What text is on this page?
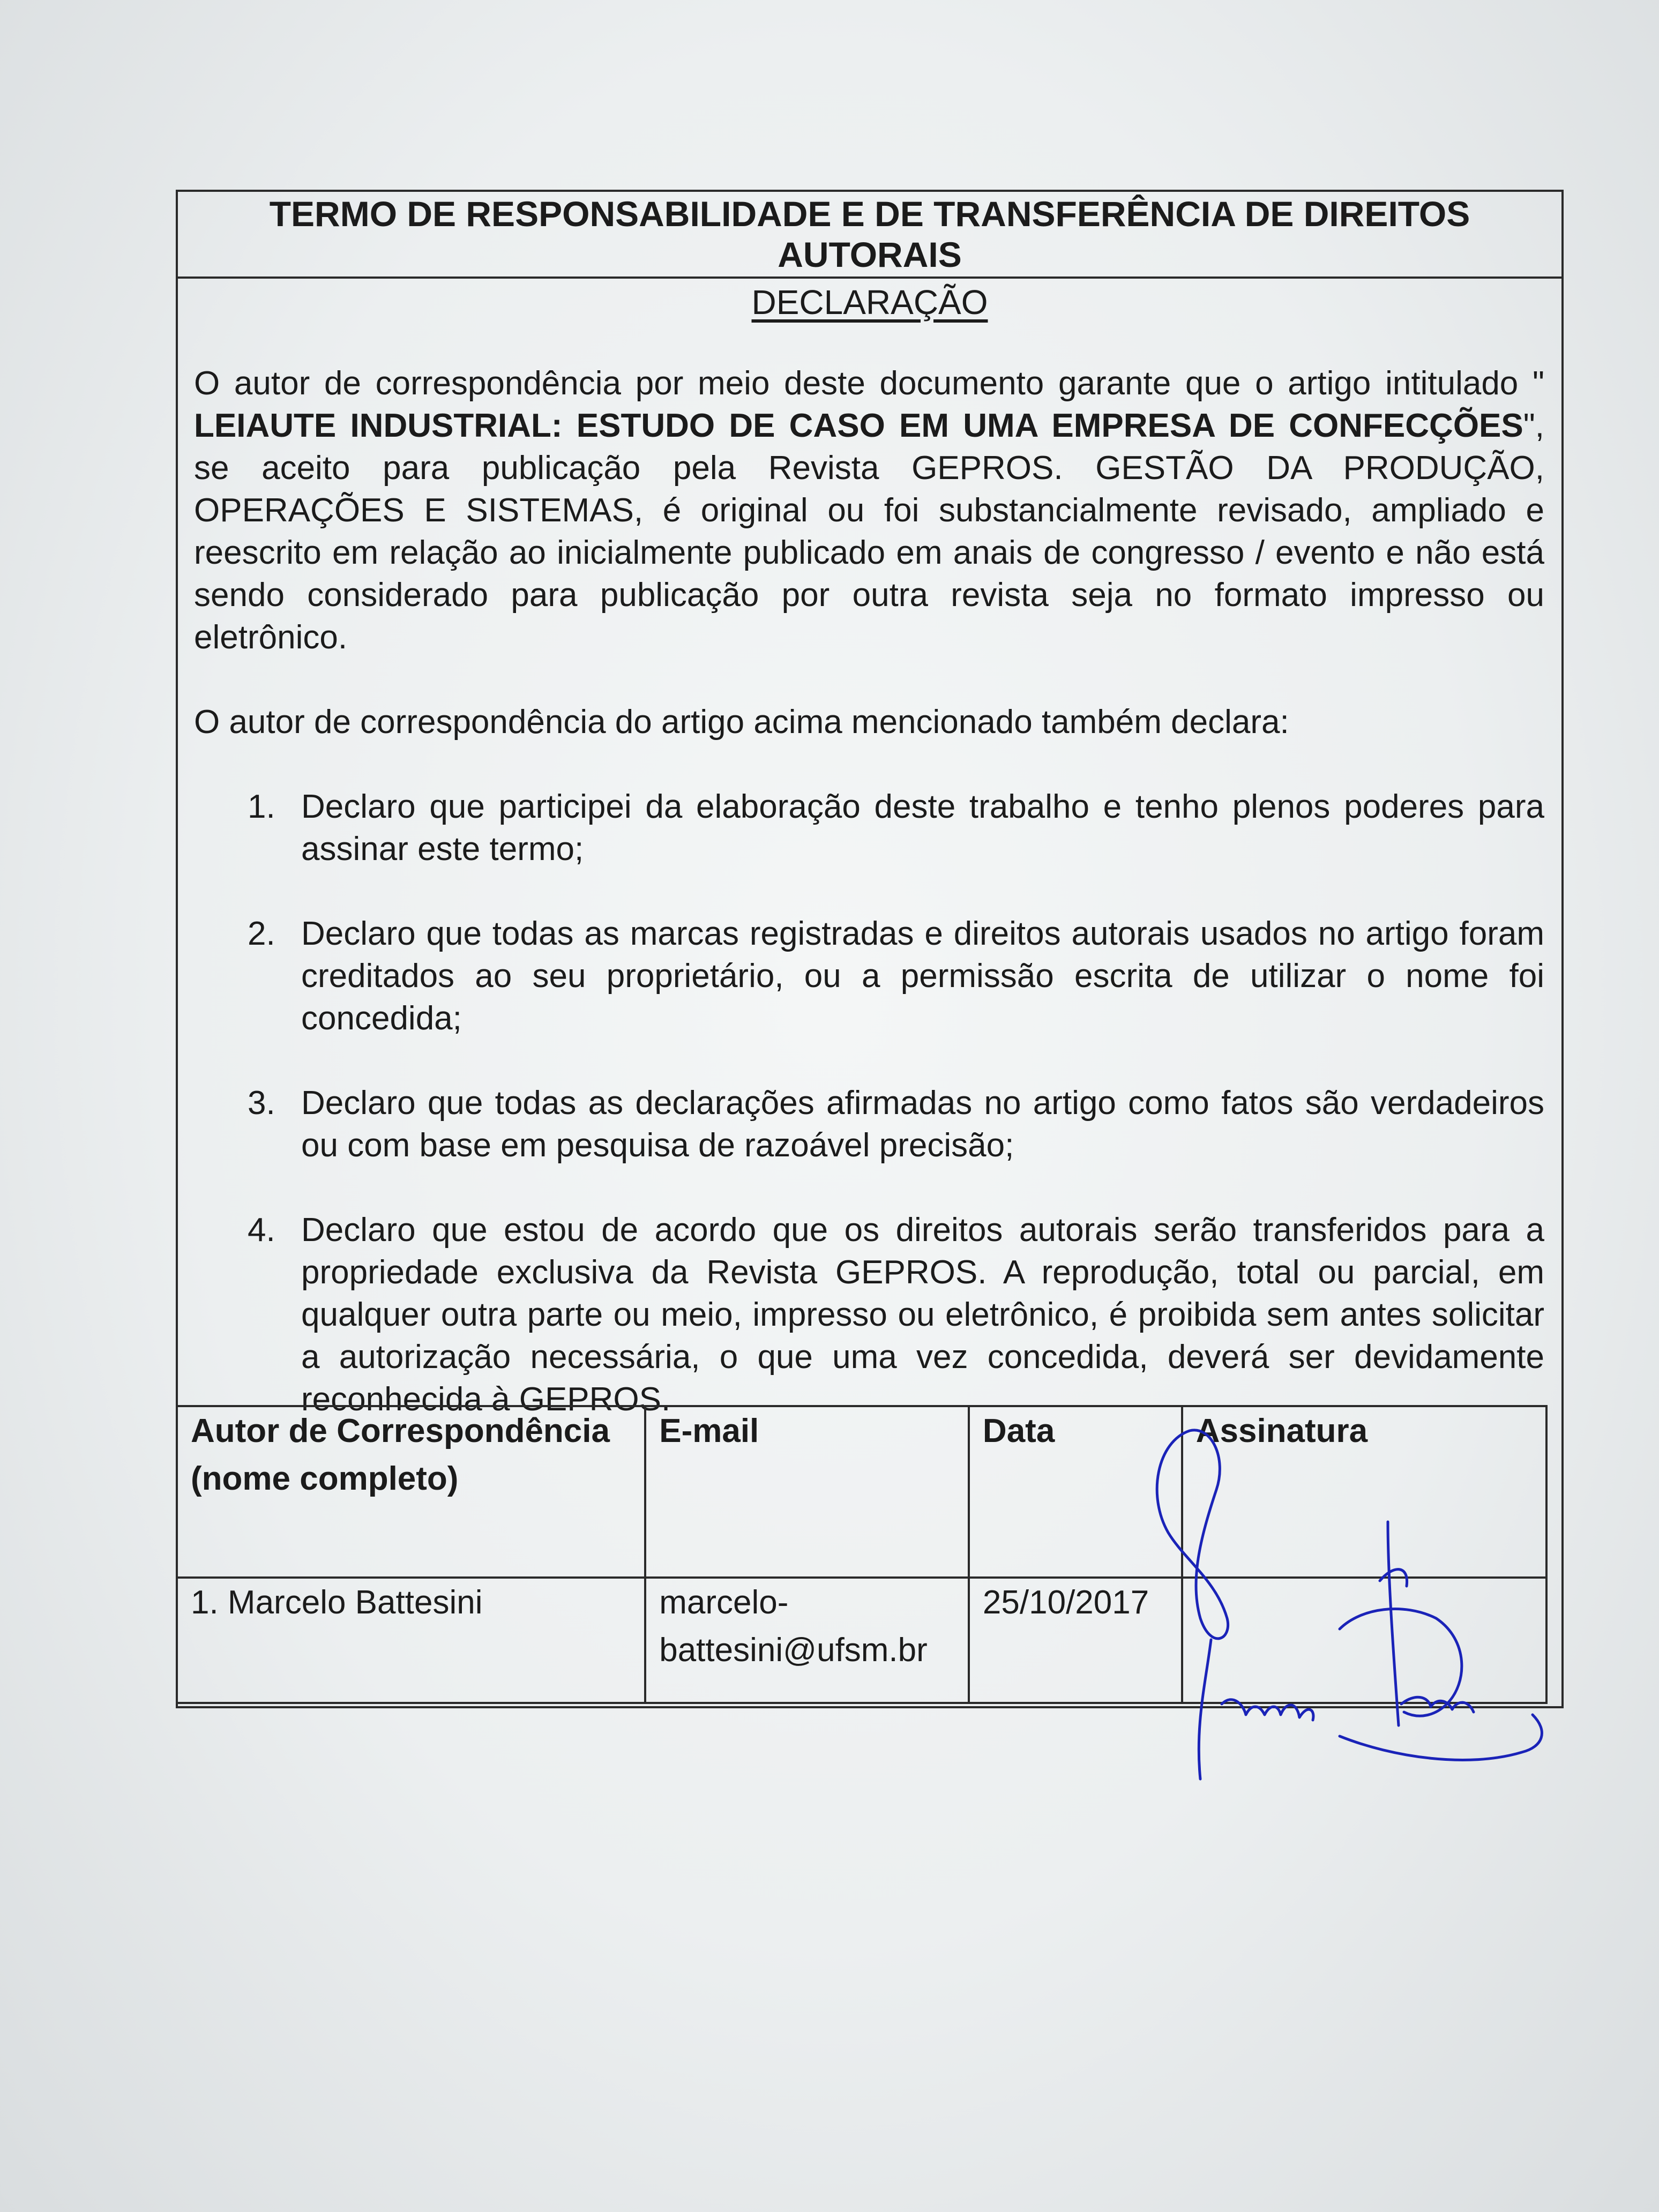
TERMO DE RESPONSABILIDADE E DE TRANSFERÊNCIA DE DIREITOS AUTORAIS
DECLARAÇÃO

O autor de correspondência por meio deste documento garante que o artigo intitulado " LEIAUTE INDUSTRIAL: ESTUDO DE CASO EM UMA EMPRESA DE CONFECÇÕES", se aceito para publicação pela Revista GEPROS. GESTÃO DA PRODUÇÃO, OPERAÇÕES E SISTEMAS, é original ou foi substancialmente revisado, ampliado e reescrito em relação ao inicialmente publicado em anais de congresso / evento e não está sendo considerado para publicação por outra revista seja no formato impresso ou eletrônico.

O autor de correspondência do artigo acima mencionado também declara:

1. Declaro que participei da elaboração deste trabalho e tenho plenos poderes para assinar este termo;
2. Declaro que todas as marcas registradas e direitos autorais usados no artigo foram creditados ao seu proprietário, ou a permissão escrita de utilizar o nome foi concedida;
3. Declaro que todas as declarações afirmadas no artigo como fatos são verdadeiros ou com base em pesquisa de razoável precisão;
4. Declaro que estou de acordo que os direitos autorais serão transferidos para a propriedade exclusiva da Revista GEPROS. A reprodução, total ou parcial, em qualquer outra parte ou meio, impresso ou eletrônico, é proibida sem antes solicitar a autorização necessária, o que uma vez concedida, deverá ser devidamente reconhecida à GEPROS.
Autor de Correspondência (nome completo)	E-mail	Data	Assinatura
1. Marcelo Battesini	marcelo-battesini@ufsm.br	25/10/2017	
